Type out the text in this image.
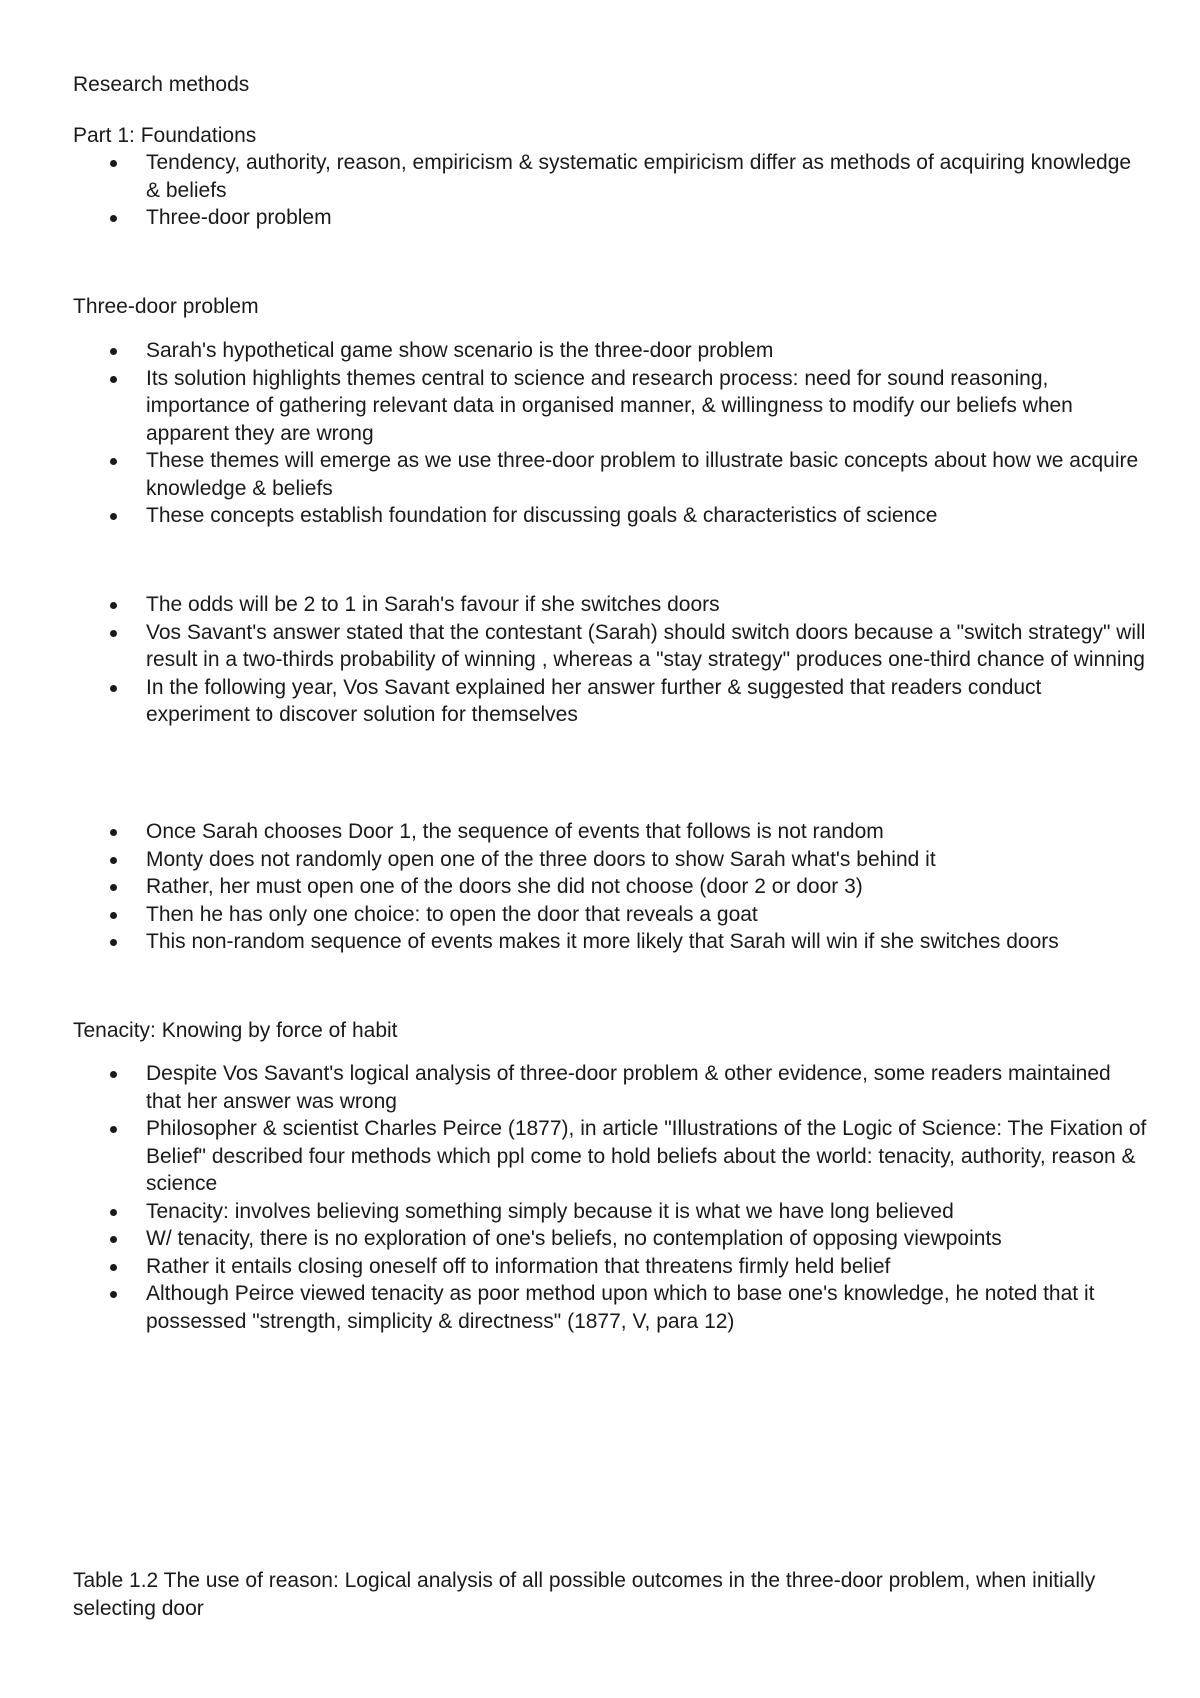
Research methods
Part 1: Foundations
Tendency, authority, reason, empiricism & systematic empiricism differ as methods of acquiring knowledge & beliefs
Three-door problem
Three-door problem
Sarah's hypothetical game show scenario is the three-door problem
Its solution highlights themes central to science and research process: need for sound reasoning, importance of gathering relevant data in organised manner, & willingness to modify our beliefs when apparent they are wrong
These themes will emerge as we use three-door problem to illustrate basic concepts about how we acquire knowledge & beliefs
These concepts establish foundation for discussing goals & characteristics of science
The odds will be 2 to 1 in Sarah's favour if she switches doors
Vos Savant's answer stated that the contestant (Sarah) should switch doors because a "switch strategy" will result in a two-thirds probability of winning , whereas a "stay strategy" produces one-third chance of winning
In the following year, Vos Savant explained her answer further & suggested that readers conduct experiment to discover solution for themselves
Once Sarah chooses Door 1, the sequence of events that follows is not random
Monty does not randomly open one of the three doors to show Sarah what's behind it
Rather, her must open one of the doors she did not choose (door 2 or door 3)
Then he has only one choice: to open the door that reveals a goat
This non-random sequence of events makes it more likely that Sarah will win if she switches doors
Tenacity: Knowing by force of habit
Despite Vos Savant's logical analysis of three-door problem & other evidence, some readers maintained that her answer was wrong
Philosopher & scientist Charles Peirce (1877), in article "Illustrations of the Logic of Science: The Fixation of Belief" described four methods which ppl come to hold beliefs about the world: tenacity, authority, reason & science
Tenacity: involves believing something simply because it is what we have long believed
W/ tenacity, there is no exploration of one's beliefs, no contemplation of opposing viewpoints
Rather it entails closing oneself off to information that threatens firmly held belief
Although Peirce viewed tenacity as poor method upon which to base one's knowledge, he noted that it possessed "strength, simplicity & directness" (1877, V, para 12)

Table 1.2 The use of reason: Logical analysis of all possible outcomes in the three-door problem, when initially selecting door
